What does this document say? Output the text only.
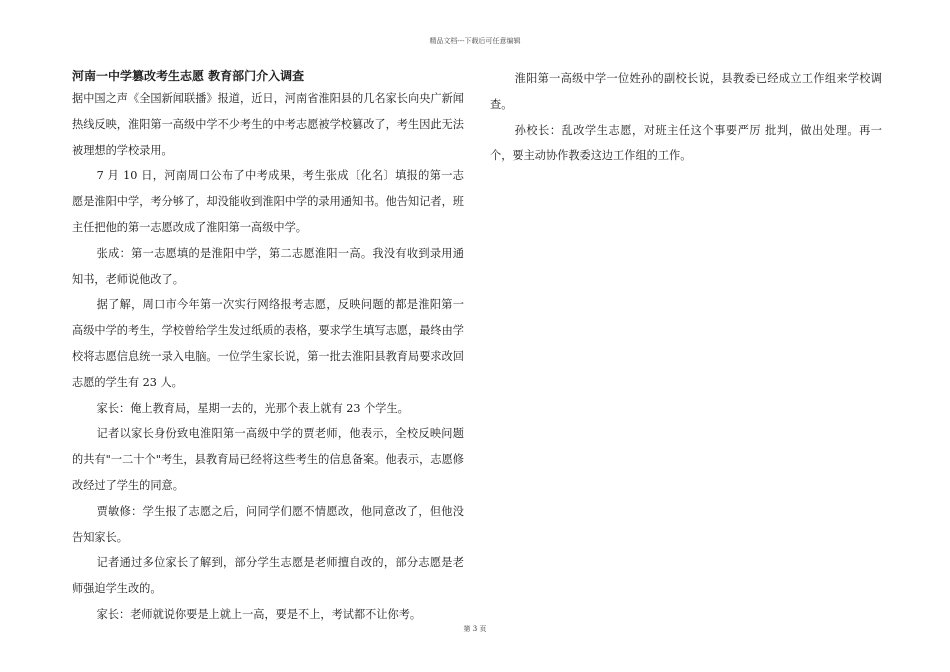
精品文档---下载后可任意编辑
河南一中学篡改考生志愿 教育部门介入调查

据中国之声《全国新闻联播》报道，近日，河南省淮阳县的几名家长向央广新闻热线反映，淮阳第一高级中学不少考生的中考志愿被学校篡改了，考生因此无法被理想的学校录用。

7 月 10 日，河南周口公布了中考成果，考生张成〔化名〕填报的第一志愿是淮阳中学，考分够了，却没能收到淮阳中学的录用通知书。他告知记者，班主任把他的第一志愿改成了淮阳第一高级中学。

张成：第一志愿填的是淮阳中学，第二志愿淮阳一高。我没有收到录用通知书，老师说他改了。

据了解，周口市今年第一次实行网络报考志愿，反映问题的都是淮阳第一高级中学的考生，学校曾给学生发过纸质的表格，要求学生填写志愿，最终由学校将志愿信息统一录入电脑。一位学生家长说，第一批去淮阳县教育局要求改回志愿的学生有 23 人。

家长：俺上教育局，星期一去的，光那个表上就有 23 个学生。

记者以家长身份致电淮阳第一高级中学的贾老师，他表示，全校反映问题的共有"一二十个"考生，县教育局已经将这些考生的信息备案。他表示，志愿修改经过了学生的同意。

贾敏修：学生报了志愿之后，问同学们愿不情愿改，他同意改了，但他没告知家长。

记者通过多位家长了解到，部分学生志愿是老师擅自改的，部分志愿是老师强迫学生改的。

家长：老师就说你要是上就上一高，要是不上，考试都不让你考。

淮阳第一高级中学一位姓孙的副校长说，县教委已经成立工作组来学校调查。

孙校长：乱改学生志愿，对班主任这个事要严厉 批判，做出处理。再一个，要主动协作教委这边工作组的工作。

第 3 页
